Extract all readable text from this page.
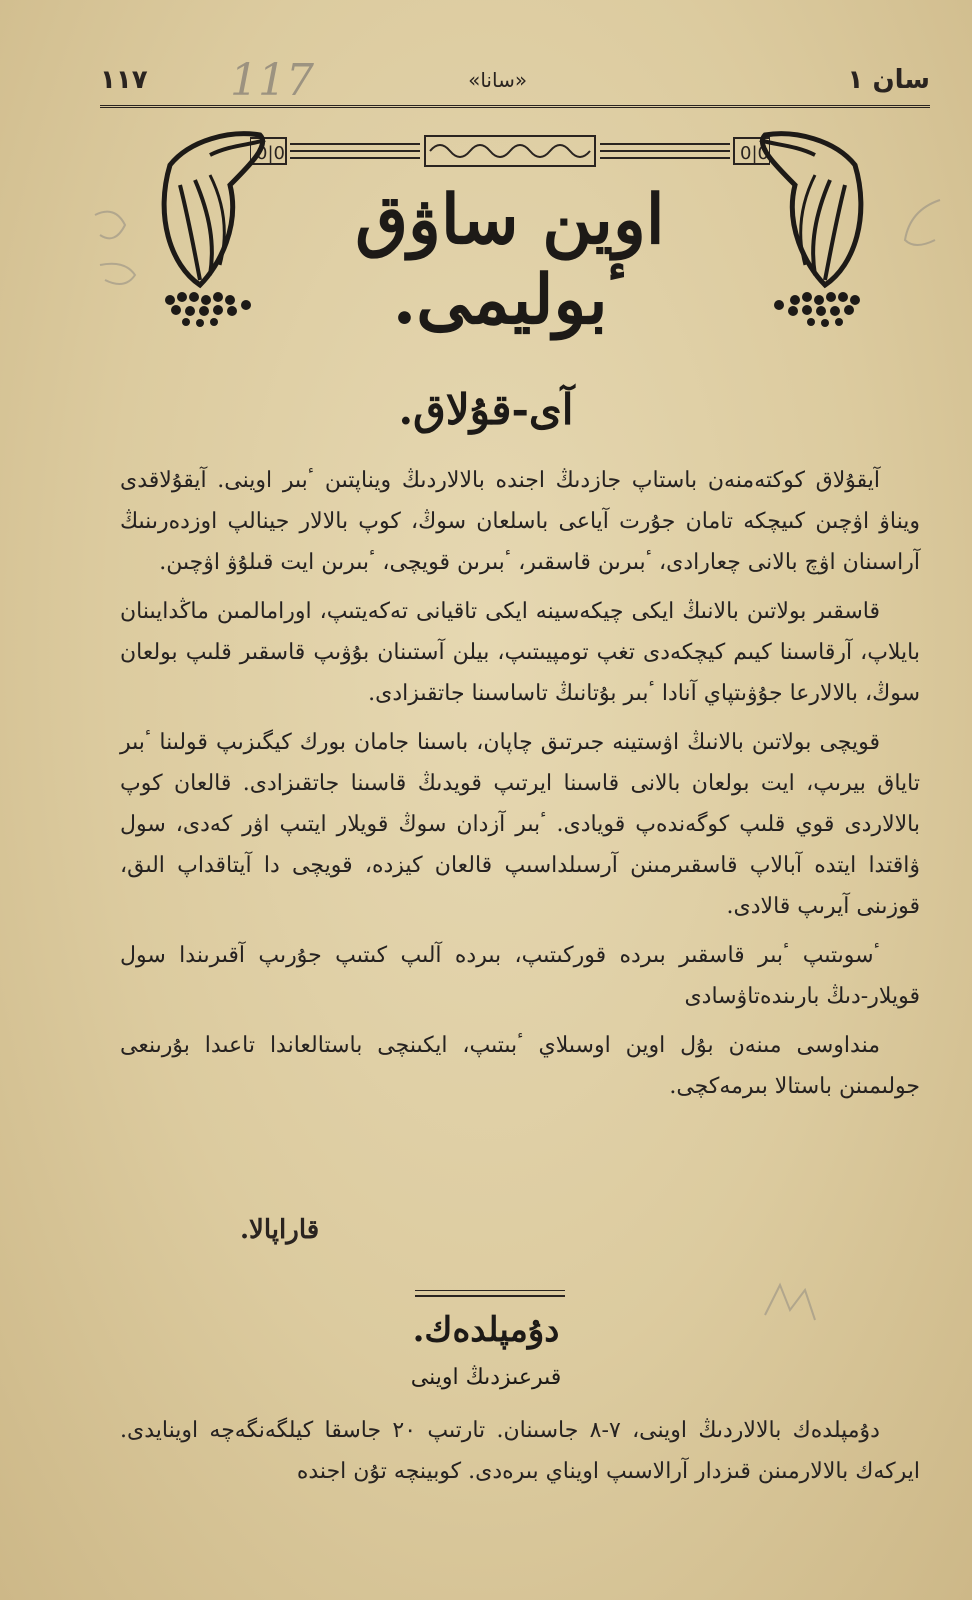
سان ١
«سانا»
١١٧ 117
0|0	0|0
اوين ساۋق ٴبوليمى.
آى-قۇلاق.

آيقۇلاق كوكتەمنەن باستاپ جازدىڭ اجندە بالالاردىڭ ويناپتىن ٴبىر اوينى. آيقۇلاقدى ويناۋ اۋچىن كىيچكە تامان جۇرت آياعى باسلعان سوڭ، كوپ بالالار جينالپ اوزدەرىنىڭ آراسىنان اۋچ بالانى چعارادى، ٴبىرىن قاسقىر، ٴبىرىن قويچى، ٴبىرىن ايت قىلۇۋ اۋچىن.

قاسقىر بولاتىن بالانىڭ ايكى چيكەسينە ايكى تاقيانى تەكەيتىپ، اورامالمىن ماڭدايىنان بايلاپ، آرقاسىنا كيىم كيچكەدى تغپ تومپيىتىپ، بيلن آستىنان بۇۋىپ قاسقىر قلىپ بولعان سوڭ، بالالارعا جۇۋىتپاي آنادا ٴبىر بۇتانىڭ تاساسىنا جاتقىزادى.

قويچى بولاتىن بالانىڭ اۋستينە جىرتىق چاپان، باسىنا جامان بورك كيگىزىپ قولىنا ٴبىر تاياق بيرىپ، ايت بولعان بالانى قاسىنا ايرتىپ قويدىڭ قاسىنا جاتقىزادى. قالعان كوپ بالالاردى قوي قلىپ كوگەندەپ قويادى. ٴبىر آزدان سوڭ قويلار ايتىپ اۋر كەدى، سول ۋاقتدا ايتدە آبالاپ قاسقىرمىنن آرسىلداسىپ قالعان كيزدە، قويچى دا آيتاقداپ الىق، قوزىنى آيرىپ قالادى.

ٴسوىتىپ ٴبىر قاسقىر بىردە قوركىتىپ، بىردە آلىپ كىتىپ جۇرىپ آقىرىندا سول قويلار-دىڭ بارىندەتاۋسادى

منداوسى مىنەن بۇل اوين اوسىلاي ٴبىتىپ، ايكىنچى باستالعاندا تاعىدا بۇرىنعى جولىمىنن باستالا بىرمەكچى.

قاراپالا.
دۇمپلدەك.
قىرعىزدىڭ اوينى

دۇمپلدەك بالالاردىڭ اوينى، ٧-٨ جاسىنان. تارتىپ ٢٠ جاسقا كيلگەنگەچە اوينايدى. ايركەك بالالارمىنن قىزدار آرالاسىپ اويناي بىرەدى. كوبينچە تۇن اجندە
